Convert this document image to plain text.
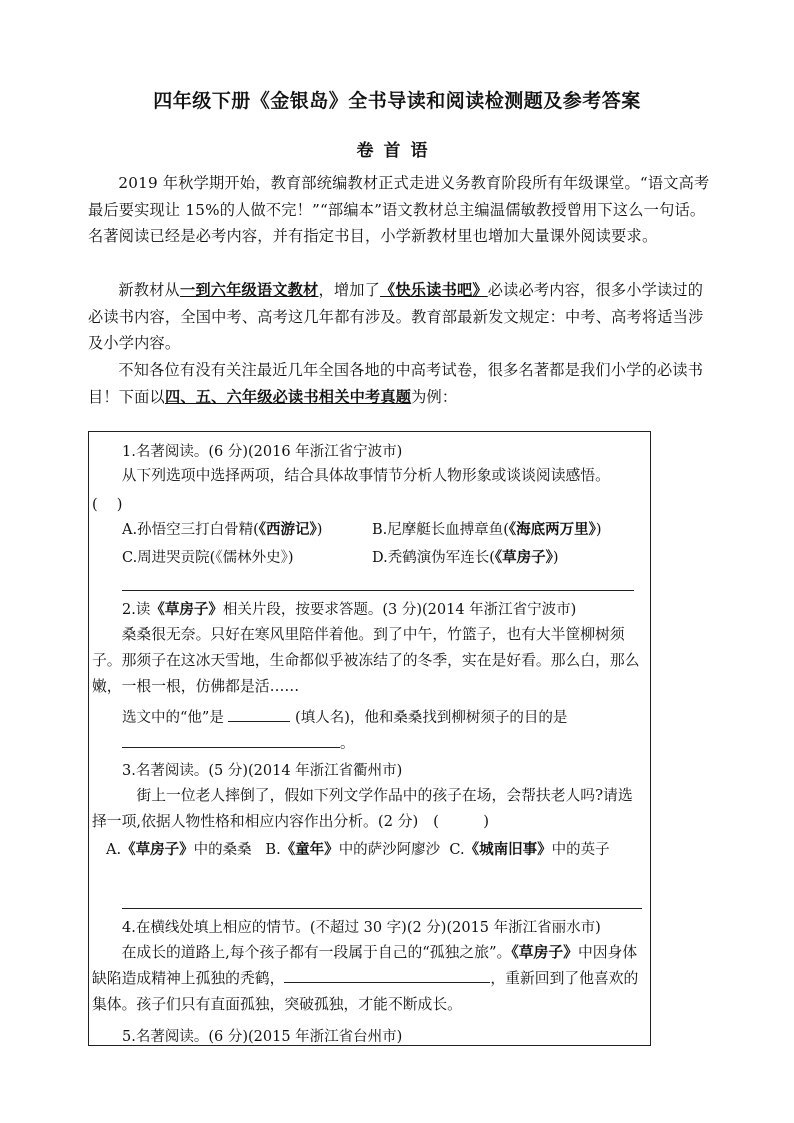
四年级下册《金银岛》全书导读和阅读检测题及参考答案
卷首语

2019 年秋学期开始，教育部统编教材正式走进义务教育阶段所有年级课堂。“语文高考最后要实现让 15%的人做不完！”“部编本”语文教材总主编温儒敏教授曾用下这么一句话。名著阅读已经是必考内容，并有指定书目，小学新教材里也增加大量课外阅读要求。

新教材从一到六年级语文教材，增加了《快乐读书吧》必读必考内容，很多小学读过的必读书内容，全国中考、高考这几年都有涉及。教育部最新发文规定：中考、高考将适当涉及小学内容。

不知各位有没有关注最近几年全国各地的中高考试卷，很多名著都是我们小学的必读书目！下面以四、五、六年级必读书相关中考真题为例：

1.名著阅读。(6 分)(2016 年浙江省宁波市)

从下列选项中选择两项，结合具体故事情节分析人物形象或谈谈阅读感悟。

(　 )
A.孙悟空三打白骨精(《西游记》)	B.尼摩艇长血搏章鱼(《海底两万里》)
C.周进哭贡院(《儒林外史》)	D.秃鹤演伪军连长(《草房子》)
2.读《草房子》相关片段，按要求答题。(3 分)(2014 年浙江省宁波市)

桑桑很无奈。只好在寒风里陪伴着他。到了中午，竹篮子，也有大半筐柳树须子。那须子在这冰天雪地，生命都似乎被冻结了的冬季，实在是好看。那么白，那么嫩，一根一根，仿佛都是活……

选文中的“他”是	(填人名)，他和桑桑找到柳树须子的目的是
。
3.名著阅读。(5 分)(2014 年浙江省衢州市)

街上一位老人摔倒了，假如下列文学作品中的孩子在场，会帮扶老人吗?请选择一项,依据人物性格和相应内容作出分析。(2 分)　(　　　)

A.《草房子》中的桑桑 B.《童年》中的萨沙阿廖沙 C.《城南旧事》中的英子
4.在横线处填上相应的情节。(不超过 30 字)(2 分)(2015 年浙江省丽水市)

在成长的道路上,每个孩子都有一段属于自己的“孤独之旅”。《草房子》中因身体缺陷造成精神上孤独的秃鹤，	，重新回到了他喜欢的集体。孩子们只有直面孤独，突破孤独，才能不断成长。

5.名著阅读。(6 分)(2015 年浙江省台州市)
